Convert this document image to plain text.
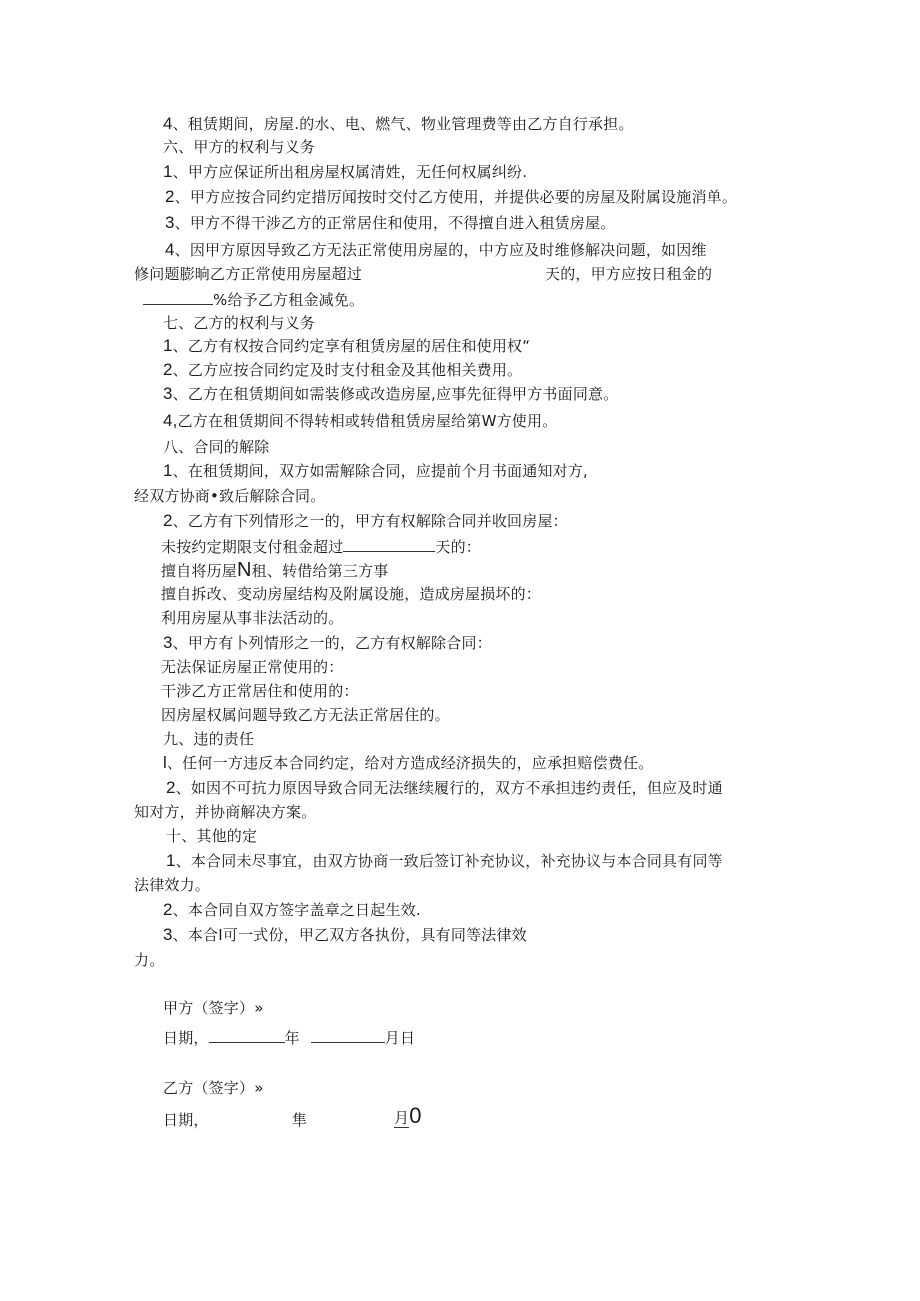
4、租赁期间，房屋.的水、电、燃气、物业管理费等由乙方自行承担。
六、甲方的权利与义务
1、甲方应保证所出租房屋权属清姓，无任何权属纠纷.
2、甲方应按合同约定措厉闻按时交付乙方使用，并提供必要的房屋及附属设施消单。
3、甲方不得干涉乙方的正常居住和使用，不得擅自进入租赁房屋。
4、因甲方原因导致乙方无法正常使用房屋的，中方应及时维修解决问题，如因维
修问题膨晌乙方正常使用房屋超过	天的，甲方应按日租金的
%给予乙方租金减免。
七、乙方的权利与义务
1、乙方有权按合同约定享有租赁房屋的居住和使用权“
2、乙方应按合同约定及时支付租金及其他相关费用。
3、乙方在租赁期间如需装修或改造房屋,应事先征得甲方书面同意。
4,乙方在租赁期间不得转相或转借租赁房屋给第W方使用。
八、合同的解除
1、在租赁期间，双方如需解除合同，应提前个月书面通知对方,
经双方协商•致后解除合同。
2、乙方有下列情形之一的，甲方有权解除合同并收回房屋：
未按约定期限支付租金超过	天的：
擅自将历屋N租、转借给第三方事
擅自拆改、变动房屋结构及附属设施，造成房屋损坏的：
利用房屋从事非法活动的。
3、甲方有卜列情形之一的，乙方有权解除合同：
无法保证房屋正常使用的：
干涉乙方正常居住和使用的：
因房屋权属问题导致乙方无法正常居住的。
九、违的责任
l、任何一方违反本合同约定，给对方造成经济损失的，应承担赔偿费任。
2、如因不可抗力原因导致合同无法继续履行的，双方不承担违约责任，但应及时通
知对方，并协商解决方案。
十、其他的定
1、本合同未尽事宜，由双方协商一致后签订补充协议，补充协议与本合同具有同等
法律效力。
2、本合同自双方签字盖章之日起生效.
3、本合I可一式份，甲乙双方各执份，具有同等法律效
力。
甲方（签字）»
日期，	年	月日
乙方（签字）»
日期，	隼	月0
